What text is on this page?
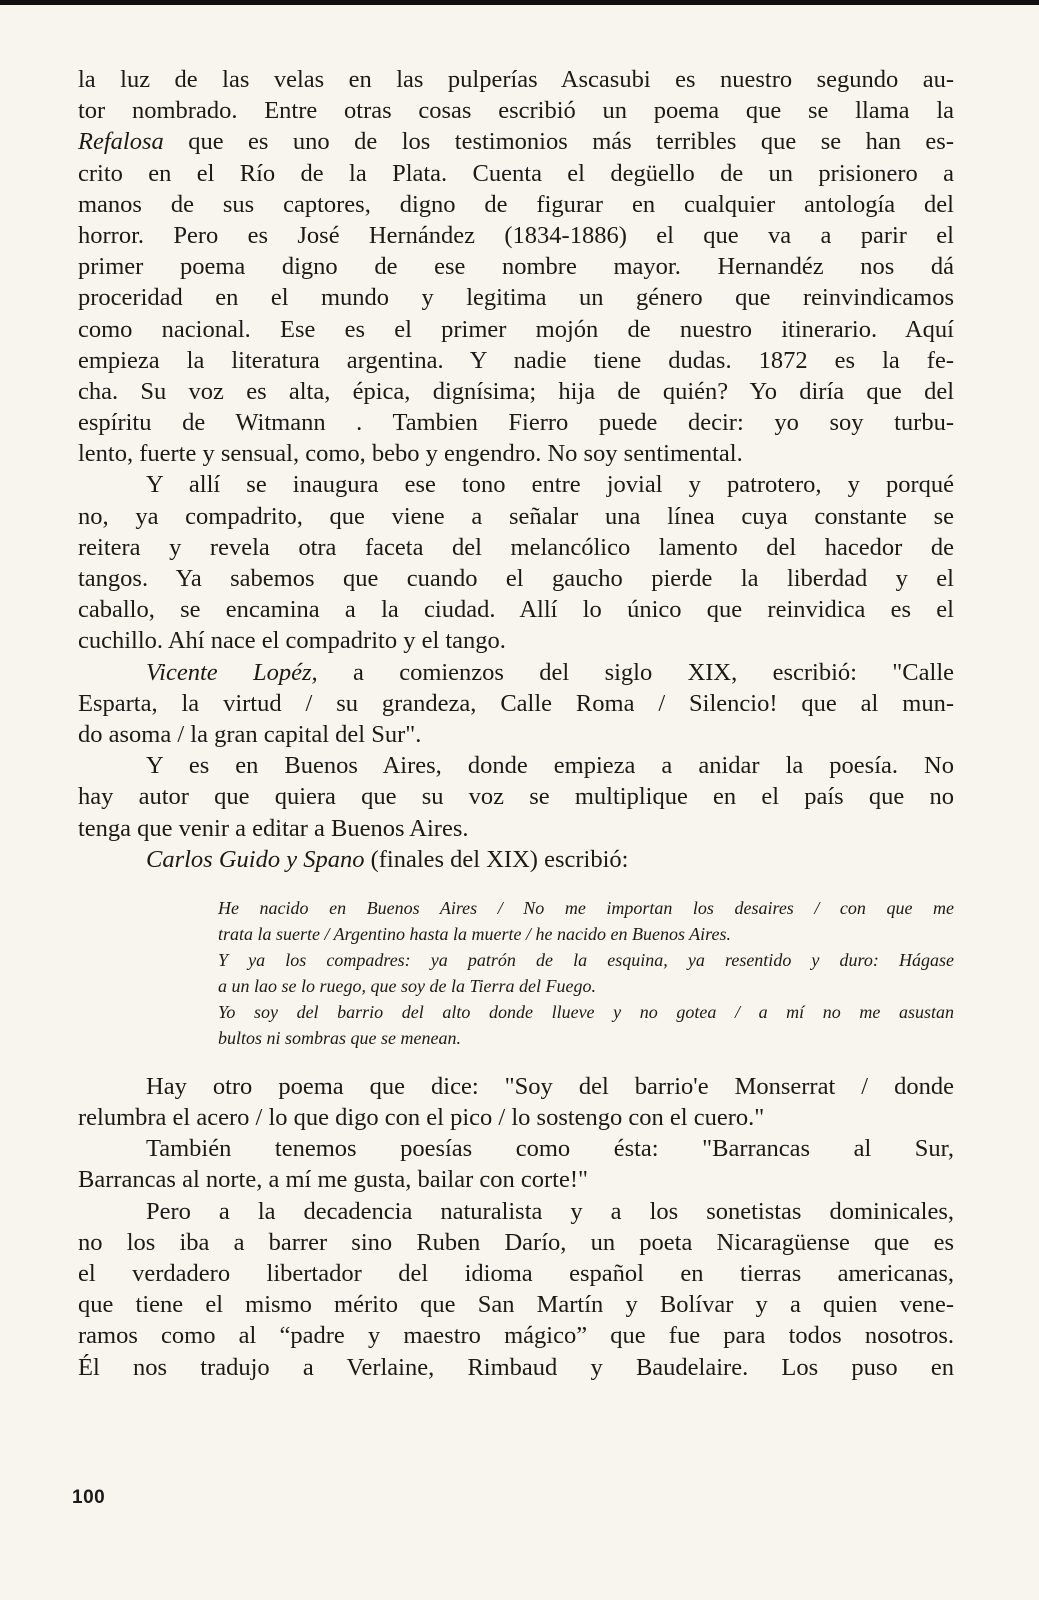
la luz de las velas en las pulperías Ascasubi es nuestro segundo au-
tor nombrado. Entre otras cosas escribió un poema que se llama la
Refalosa que es uno de los testimonios más terribles que se han es-
crito en el Río de la Plata. Cuenta el degüello de un prisionero a
manos de sus captores, digno de figurar en cualquier antología del
horror. Pero es José Hernández (1834-1886) el que va a parir el
primer poema digno de ese nombre mayor. Hernandéz nos dá
proceridad en el mundo y legitima un género que reinvindicamos
como nacional. Ese es el primer mojón de nuestro itinerario. Aquí
empieza la literatura argentina. Y nadie tiene dudas. 1872 es la fe-
cha. Su voz es alta, épica, dignísima; hija de quién? Yo diría que del
espíritu de Witmann . Tambien Fierro puede decir: yo soy turbu-
lento, fuerte y sensual, como, bebo y engendro. No soy sentimental.
Y allí se inaugura ese tono entre jovial y patrotero, y porqué
no, ya compadrito, que viene a señalar una línea cuya constante se
reitera y revela otra faceta del melancólico lamento del hacedor de
tangos. Ya sabemos que cuando el gaucho pierde la liberdad y el
caballo, se encamina a la ciudad. Allí lo único que reinvidica es el
cuchillo. Ahí nace el compadrito y el tango.
Vicente Lopéz, a comienzos del siglo XIX, escribió: "Calle
Esparta, la virtud / su grandeza, Calle Roma / Silencio! que al mun-
do asoma / la gran capital del Sur".
Y es en Buenos Aires, donde empieza a anidar la poesía. No
hay autor que quiera que su voz se multiplique en el país que no
tenga que venir a editar a Buenos Aires.
Carlos Guido y Spano (finales del XIX) escribió:
He nacido en Buenos Aires / No me importan los desaires / con que me
trata la suerte / Argentino hasta la muerte / he nacido en Buenos Aires.
Y ya los compadres: ya patrón de la esquina, ya resentido y duro: Hágase
a un lao se lo ruego, que soy de la Tierra del Fuego.
Yo soy del barrio del alto donde llueve y no gotea / a mí no me asustan
bultos ni sombras que se menean.
Hay otro poema que dice: "Soy del barrio'e Monserrat / donde
relumbra el acero / lo que digo con el pico / lo sostengo con el cuero."
También tenemos poesías como ésta: "Barrancas al Sur,
Barrancas al norte, a mí me gusta, bailar con corte!"
Pero a la decadencia naturalista y a los sonetistas dominicales,
no los iba a barrer sino Ruben Darío, un poeta Nicaragüense que es
el verdadero libertador del idioma español en tierras americanas,
que tiene el mismo mérito que San Martín y Bolívar y a quien vene-
ramos como al “padre y maestro mágico” que fue para todos nosotros.
Él nos tradujo a Verlaine, Rimbaud y Baudelaire. Los puso en
100
